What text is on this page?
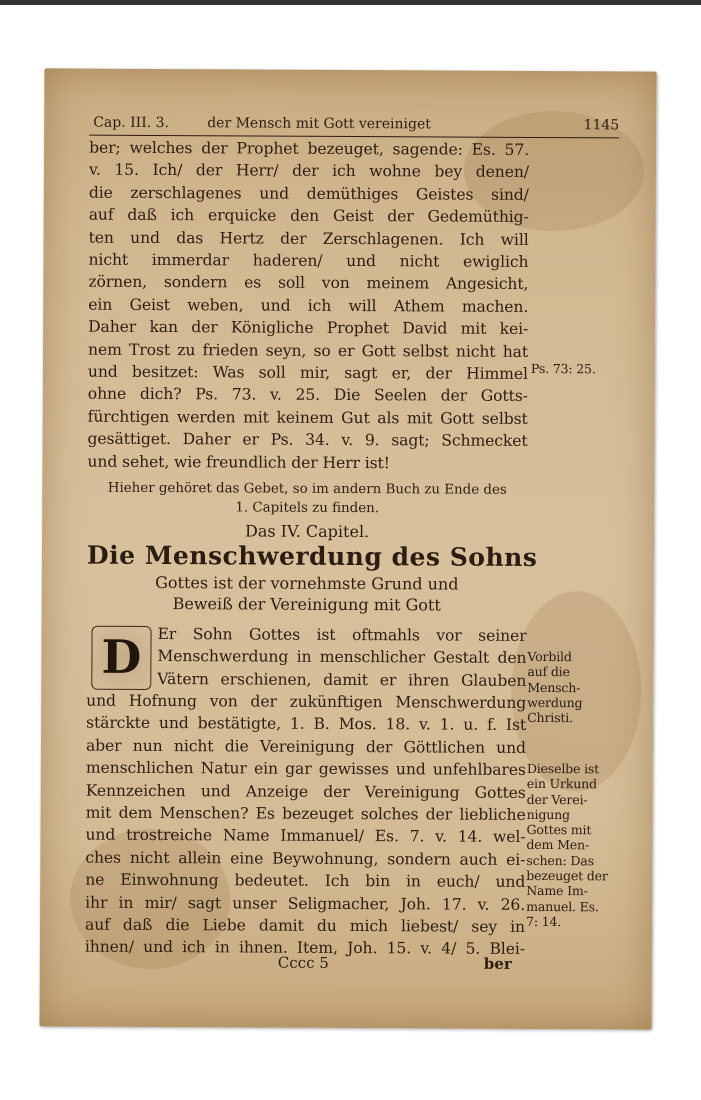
Cap. III. 3.	der Mensch mit Gott vereiniget	1145
ber; welches der Prophet bezeuget, sagende: Es. 57.
v. 15. Ich/ der Herr/ der ich wohne bey denen/
die zerschlagenes und demüthiges Geistes sind/
auf daß ich erquicke den Geist der Gedemüthig-
ten und das Hertz der Zerschlagenen. Ich will
nicht immerdar haderen/ und nicht ewiglich
zörnen, sondern es soll von meinem Angesicht,
ein Geist weben, und ich will Athem machen.
Daher kan der Königliche Prophet David mit kei-
nem Trost zu frieden seyn, so er Gott selbst nicht hat
und besitzet: Was soll mir, sagt er, der Himmel
ohne dich? Ps. 73. v. 25. Die Seelen der Gotts-
fürchtigen werden mit keinem Gut als mit Gott selbst
gesättiget. Daher er Ps. 34. v. 9. sagt; Schmecket
und sehet, wie freundlich der Herr ist!
Ps. 73: 25.
Hieher gehöret das Gebet, so im andern Buch zu Ende des
1. Capitels zu finden.
Das IV. Capitel.
Die Menschwerdung des Sohns
Gottes ist der vornehmste Grund und
Beweiß der Vereinigung mit Gott
D	Er Sohn Gottes ist oftmahls vor seiner
Menschwerdung in menschlicher Gestalt den
Vätern erschienen, damit er ihren Glauben
und Hofnung von der zukünftigen Menschwerdung
stärckte und bestätigte, 1. B. Mos. 18. v. 1. u. f. Ist
aber nun nicht die Vereinigung der Göttlichen und
menschlichen Natur ein gar gewisses und unfehlbares
Kennzeichen und Anzeige der Vereinigung Gottes
mit dem Menschen? Es bezeuget solches der liebliche
und trostreiche Name Immanuel/ Es. 7. v. 14. wel-
ches nicht allein eine Beywohnung, sondern auch ei-
ne Einwohnung bedeutet. Ich bin in euch/ und
ihr in mir/ sagt unser Seligmacher, Joh. 17. v. 26.
auf daß die Liebe damit du mich liebest/ sey in
ihnen/ und ich in ihnen. Item, Joh. 15. v. 4/ 5. Blei-
Vorbild
auf die
Mensch-
werdung
Christi.
Dieselbe ist
ein Urkund
der Verei-
nigung
Gottes mit
dem Men-
schen: Das
bezeuget der
Name Im-
manuel. Es.
7: 14.
Cccc 5	ber
